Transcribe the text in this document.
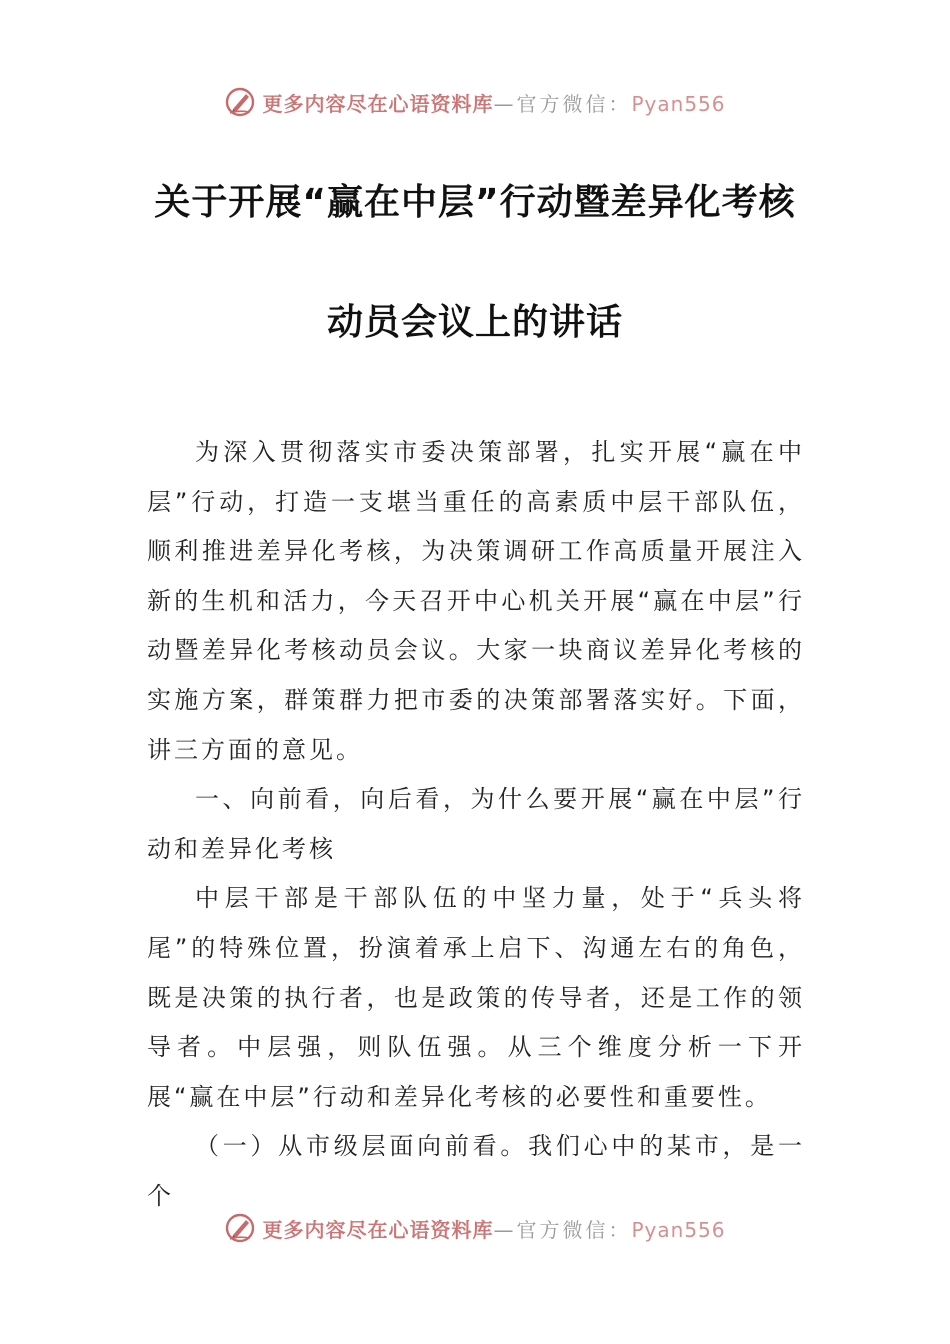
更多内容尽在心语资料库—官方微信：Pyan556
关于开展“赢在中层”行动暨差异化考核
动员会议上的讲话

为深入贯彻落实市委决策部署，扎实开展“赢在中层”行动，打造一支堪当重任的高素质中层干部队伍，顺利推进差异化考核，为决策调研工作高质量开展注入新的生机和活力，今天召开中心机关开展“赢在中层”行动暨差异化考核动员会议。大家一块商议差异化考核的实施方案，群策群力把市委的决策部署落实好。下面，讲三方面的意见。

一、向前看，向后看，为什么要开展“赢在中层”行动和差异化考核

中层干部是干部队伍的中坚力量，处于“兵头将尾”的特殊位置，扮演着承上启下、沟通左右的角色，既是决策的执行者，也是政策的传导者，还是工作的领导者。中层强，则队伍强。从三个维度分析一下开展“赢在中层”行动和差异化考核的必要性和重要性。

（一）从市级层面向前看。我们心中的某市，是一个

更多内容尽在心语资料库—官方微信：Pyan556
